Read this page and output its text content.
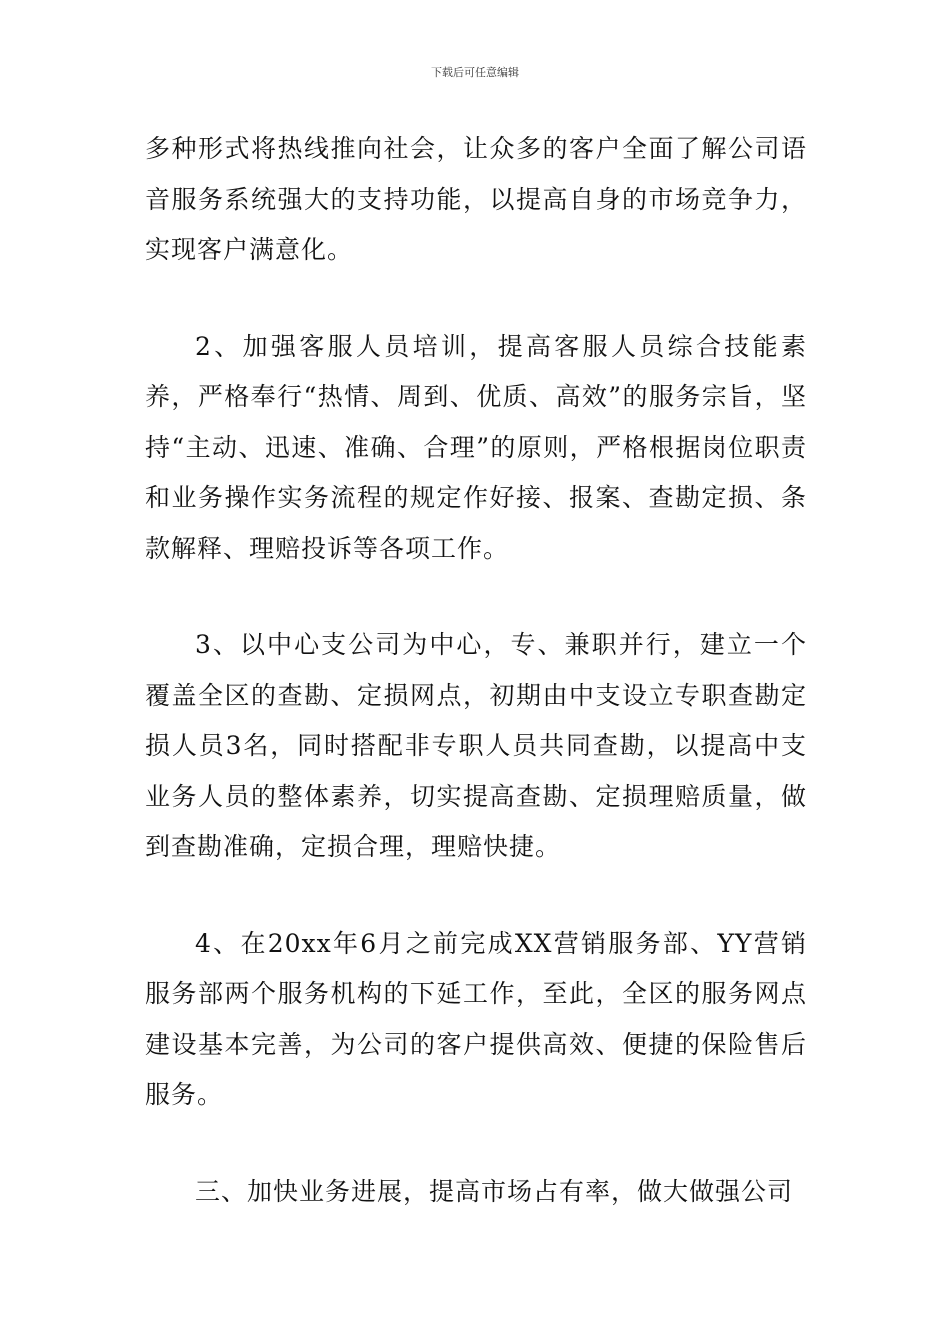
下载后可任意编辑

多种形式将热线推向社会，让众多的客户全面了解公司语音服务系统强大的支持功能，以提高自身的市场竞争力，实现客户满意化。

2、加强客服人员培训，提高客服人员综合技能素养，严格奉行“热情、周到、优质、高效”的服务宗旨，坚持“主动、迅速、准确、合理”的原则，严格根据岗位职责和业务操作实务流程的规定作好接、报案、查勘定损、条款解释、理赔投诉等各项工作。

3、以中心支公司为中心，专、兼职并行，建立一个覆盖全区的查勘、定损网点，初期由中支设立专职查勘定损人员3名，同时搭配非专职人员共同查勘，以提高中支业务人员的整体素养，切实提高查勘、定损理赔质量，做到查勘准确，定损合理，理赔快捷。

4、在20xx年6月之前完成XX营销服务部、YY营销服务部两个服务机构的下延工作，至此，全区的服务网点建设基本完善，为公司的客户提供高效、便捷的保险售后服务。

三、加快业务进展，提高市场占有率，做大做强公司
